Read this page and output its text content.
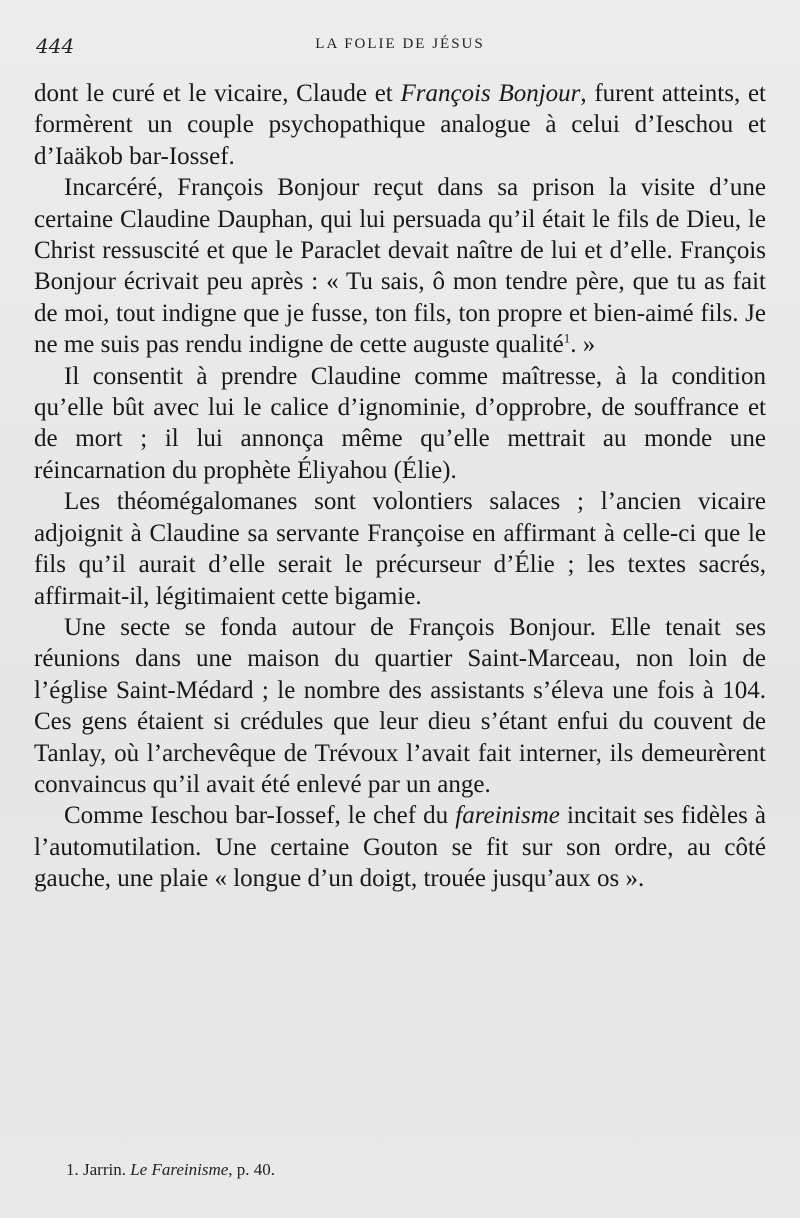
444	LA FOLIE DE JÉSUS

dont le curé et le vicaire, Claude et François Bonjour, furent atteints, et formèrent un couple psychopathique analogue à celui d’Ieschou et d’Iaäkob bar-Iossef.

Incarcéré, François Bonjour reçut dans sa prison la visite d’une certaine Claudine Dauphan, qui lui persuada qu’il était le fils de Dieu, le Christ ressuscité et que le Paraclet devait naître de lui et d’elle. François Bonjour écrivait peu après : « Tu sais, ô mon tendre père, que tu as fait de moi, tout indigne que je fusse, ton fils, ton propre et bien-aimé fils. Je ne me suis pas rendu indigne de cette auguste qualité$^1$. »

Il consentit à prendre Claudine comme maîtresse, à la condition qu’elle bût avec lui le calice d’ignominie, d’opprobre, de souffrance et de mort ; il lui annonça même qu’elle mettrait au monde une réincarnation du prophète Éliyahou (Élie).

Les théomégalomanes sont volontiers salaces ; l’ancien vicaire adjoignit à Claudine sa servante Françoise en affirmant à celle-ci que le fils qu’il aurait d’elle serait le précurseur d’Élie ; les textes sacrés, affirmait-il, légitimaient cette bigamie.

Une secte se fonda autour de François Bonjour. Elle tenait ses réunions dans une maison du quartier Saint-Marceau, non loin de l’église Saint-Médard ; le nombre des assistants s’éleva une fois à 104. Ces gens étaient si crédules que leur dieu s’étant enfui du couvent de Tanlay, où l’archevêque de Trévoux l’avait fait interner, ils demeurèrent convaincus qu’il avait été enlevé par un ange.

Comme Ieschou bar-Iossef, le chef du fareinisme incitait ses fidèles à l’automutilation. Une certaine Gouton se fit sur son ordre, au côté gauche, une plaie « longue d’un doigt, trouée jusqu’aux os ».

1. Jarrin. Le Fareinisme, p. 40.
